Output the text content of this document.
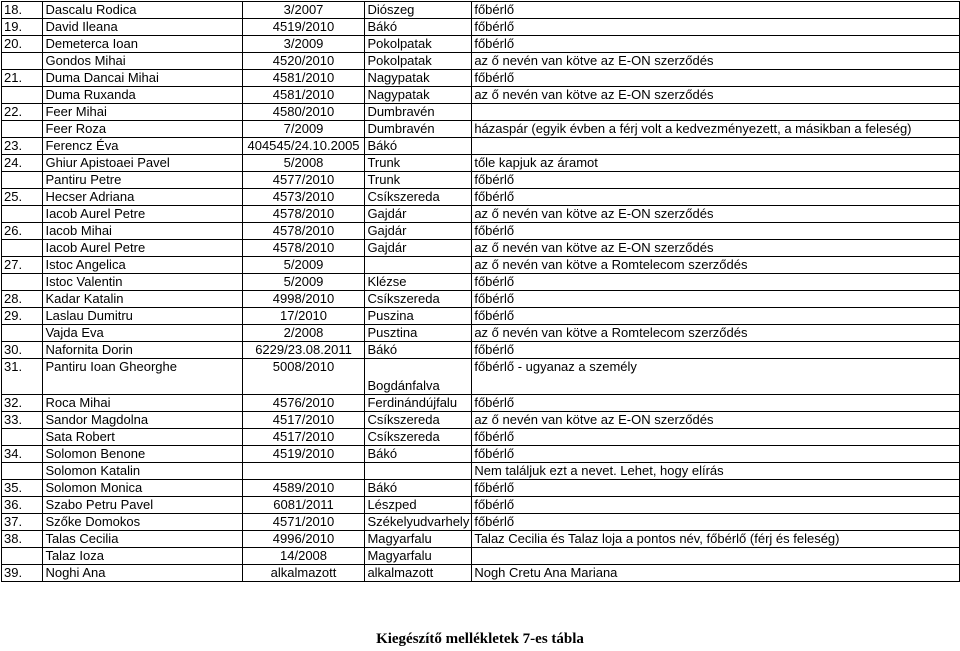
18.	Dascalu Rodica	3/2007	Diószeg	főbérlő
19.	David Ileana	4519/2010	Bákó	főbérlő
20.	Demeterca Ioan	3/2009	Pokolpatak	főbérlő
	Gondos Mihai	4520/2010	Pokolpatak	az ő nevén van kötve az E-ON szerződés
21.	Duma Dancai Mihai	4581/2010	Nagypatak	főbérlő
	Duma Ruxanda	4581/2010	Nagypatak	az ő nevén van kötve az E-ON szerződés
22.	Feer Mihai	4580/2010	Dumbravén	
	Feer Roza	7/2009	Dumbravén	házaspár (egyik évben a férj volt a kedvezményezett, a másikban a feleség)
23.	Ferencz Éva	404545/24.10.2005	Bákó	
24.	Ghiur Apistoaei Pavel	5/2008	Trunk	tőle kapjuk az áramot
	Pantiru Petre	4577/2010	Trunk	főbérlő
25.	Hecser Adriana	4573/2010	Csíkszereda	főbérlő
	Iacob Aurel Petre	4578/2010	Gajdár	az ő nevén van kötve az E-ON szerződés
26.	Iacob Mihai	4578/2010	Gajdár	főbérlő
	Iacob Aurel Petre	4578/2010	Gajdár	az ő nevén van kötve az E-ON szerződés
27.	Istoc Angelica	5/2009		az ő nevén van kötve a Romtelecom szerződés
	Istoc Valentin	5/2009	Klézse	főbérlő
28.	Kadar Katalin	4998/2010	Csíkszereda	főbérlő
29.	Laslau Dumitru	17/2010	Puszina	főbérlő
	Vajda Eva	2/2008	Pusztina	az ő nevén van kötve a Romtelecom szerződés
30.	Nafornita Dorin	6229/23.08.2011	Bákó	főbérlő
31.	Pantiru Ioan Gheorghe	5008/2010	Bogdánfalva	főbérlő - ugyanaz a személy
32.	Roca Mihai	4576/2010	Ferdinándújfalu	főbérlő
33.	Sandor Magdolna	4517/2010	Csíkszereda	az ő nevén van kötve az E-ON szerződés
	Sata Robert	4517/2010	Csíkszereda	főbérlő
34.	Solomon Benone	4519/2010	Bákó	főbérlő
	Solomon Katalin			Nem találjuk ezt a nevet. Lehet, hogy elírás
35.	Solomon Monica	4589/2010	Bákó	főbérlő
36.	Szabo Petru Pavel	6081/2011	Lészped	főbérlő
37.	Szőke Domokos	4571/2010	Székelyudvarhely	főbérlő
38.	Talas Cecilia	4996/2010	Magyarfalu	Talaz Cecilia és Talaz loja a pontos név, főbérlő (férj és feleség)
	Talaz Ioza	14/2008	Magyarfalu	
39.	Noghi Ana	alkalmazott	alkalmazott	Nogh Cretu Ana Mariana
Kiegészítő mellékletek 7-es tábla
